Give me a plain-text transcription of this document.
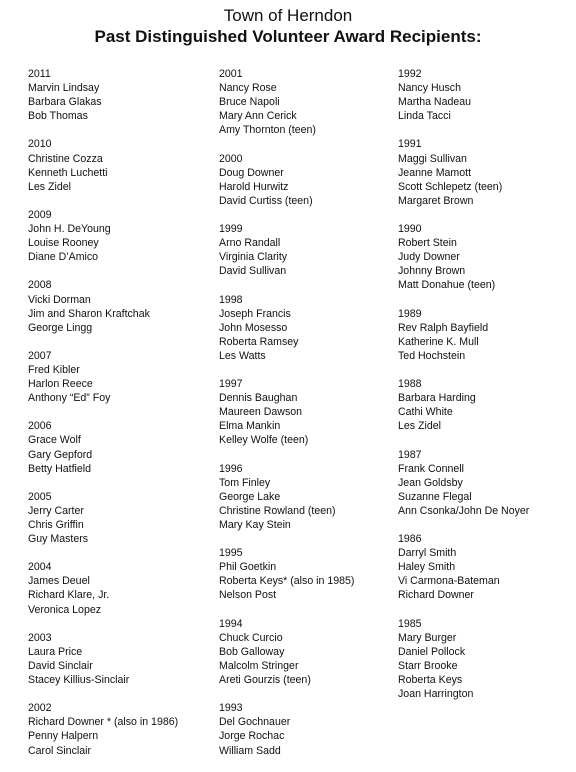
Town of Herndon
Past Distinguished Volunteer Award Recipients:
2011
Marvin Lindsay
Barbara Glakas
Bob Thomas
2010
Christine Cozza
Kenneth Luchetti
Les Zidel
2009
John H. DeYoung
Louise Rooney
Diane D’Amico
2008
Vicki Dorman
Jim and Sharon Kraftchak
George Lingg
2007
Fred Kibler
Harlon Reece
Anthony “Ed” Foy
2006
Grace Wolf
Gary Gepford
Betty Hatfield
2005
Jerry Carter
Chris Griffin
Guy Masters
2004
James Deuel
Richard Klare, Jr.
Veronica Lopez
2003
Laura Price
David Sinclair
Stacey Killius-Sinclair
2002
Richard Downer * (also in 1986)
Penny Halpern
Carol Sinclair
2001
Nancy Rose
Bruce Napoli
Mary Ann Cerick
Amy Thornton (teen)
2000
Doug Downer
Harold Hurwitz
David Curtiss (teen)
1999
Arno Randall
Virginia Clarity
David Sullivan
1998
Joseph Francis
John Mosesso
Roberta Ramsey
Les Watts
1997
Dennis Baughan
Maureen Dawson
Elma Mankin
Kelley Wolfe (teen)
1996
Tom Finley
George Lake
Christine Rowland (teen)
Mary Kay Stein
1995
Phil Goetkin
Roberta Keys* (also in 1985)
Nelson Post
1994
Chuck Curcio
Bob Galloway
Malcolm Stringer
Areti Gourzis (teen)
1993
Del Gochnauer
Jorge Rochac
William Sadd
1992
Nancy Husch
Martha Nadeau
Linda Tacci
1991
Maggi Sullivan
Jeanne Mamott
Scott Schlepetz (teen)
Margaret Brown
1990
Robert Stein
Judy Downer
Johnny Brown
Matt Donahue (teen)
1989
Rev Ralph Bayfield
Katherine K. Mull
Ted Hochstein
1988
Barbara Harding
Cathi White
Les Zidel
1987
Frank Connell
Jean Goldsby
Suzanne Flegal
Ann Csonka/John De Noyer
1986
Darryl Smith
Haley Smith
Vi Carmona-Bateman
Richard Downer
1985
Mary Burger
Daniel Pollock
Starr Brooke
Roberta Keys
Joan Harrington
